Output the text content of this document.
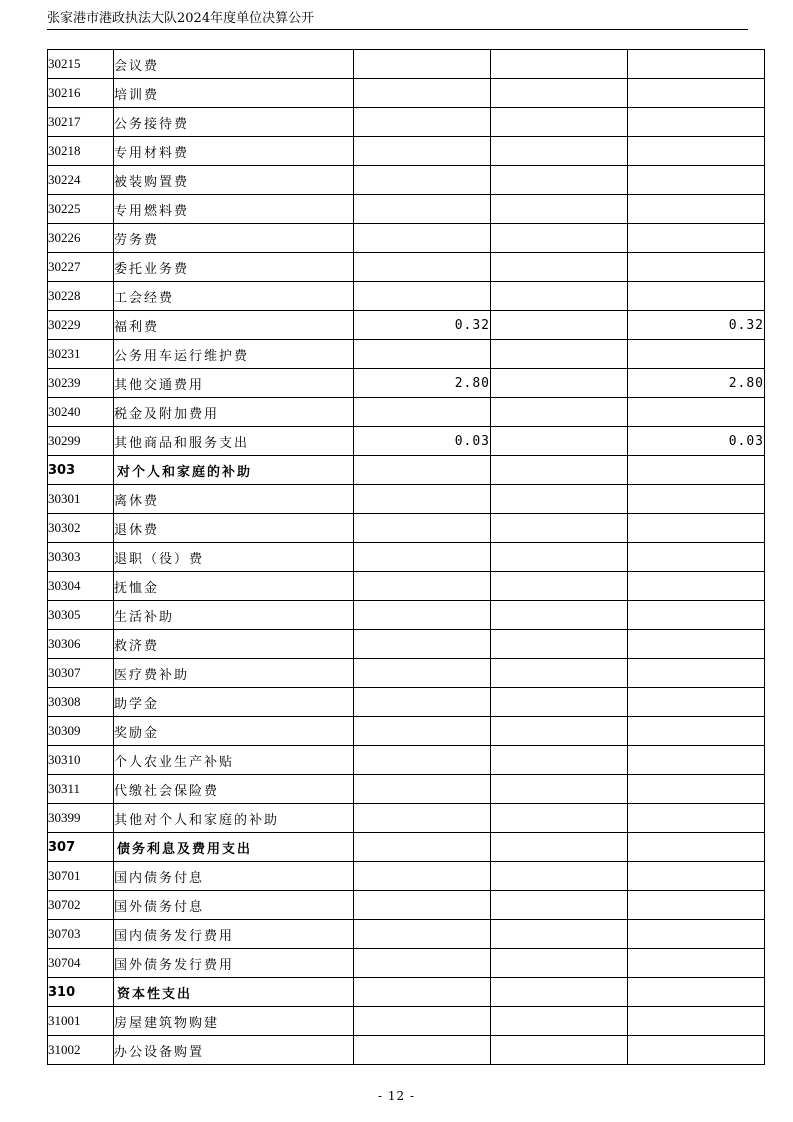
张家港市港政执法大队2024年度单位决算公开
30215	会议费			
30216	培训费			
30217	公务接待费			
30218	专用材料费			
30224	被装购置费			
30225	专用燃料费			
30226	劳务费			
30227	委托业务费			
30228	工会经费			
30229	福利费	0.32		0.32
30231	公务用车运行维护费			
30239	其他交通费用	2.80		2.80
30240	税金及附加费用			
30299	其他商品和服务支出	0.03		0.03
303	对个人和家庭的补助			
30301	离休费			
30302	退休费			
30303	退职（役）费			
30304	抚恤金			
30305	生活补助			
30306	救济费			
30307	医疗费补助			
30308	助学金			
30309	奖励金			
30310	个人农业生产补贴			
30311	代缴社会保险费			
30399	其他对个人和家庭的补助			
307	债务利息及费用支出			
30701	国内债务付息			
30702	国外债务付息			
30703	国内债务发行费用			
30704	国外债务发行费用			
310	资本性支出			
31001	房屋建筑物购建			
31002	办公设备购置			
- 12 -
